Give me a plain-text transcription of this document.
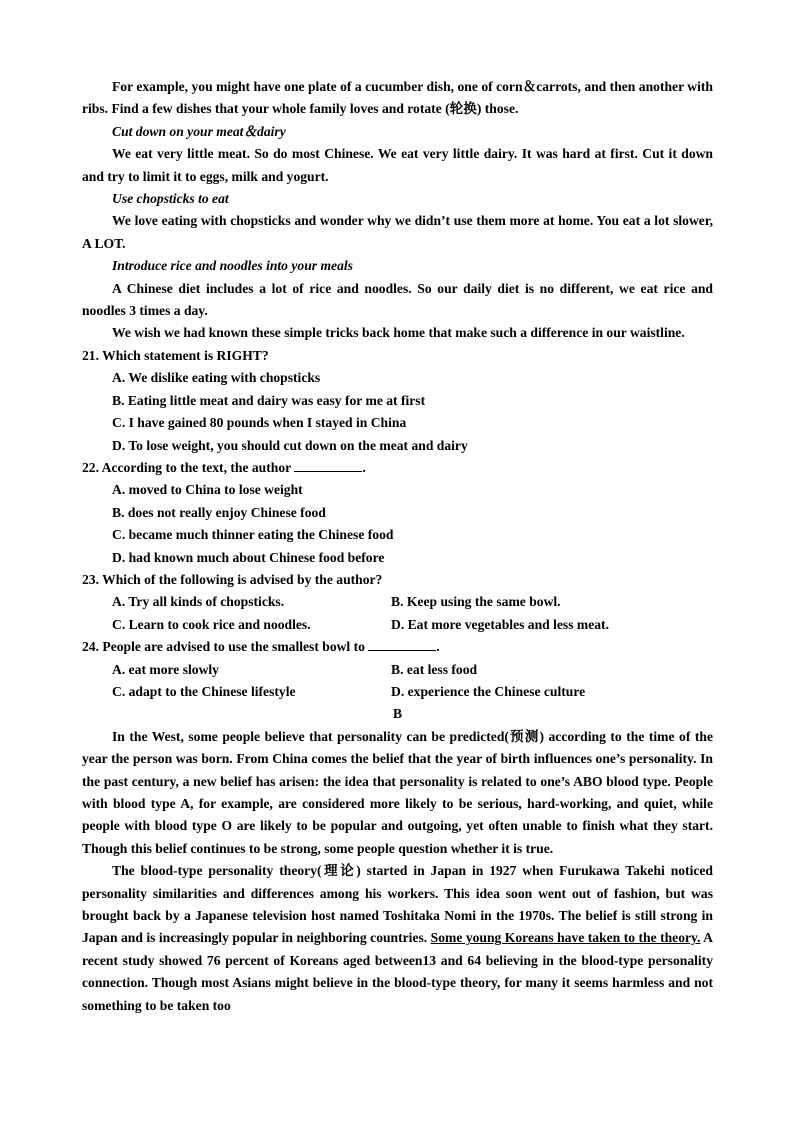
For example, you might have one plate of a cucumber dish, one of corn＆carrots, and then another with ribs. Find a few dishes that your whole family loves and rotate (轮换) those.

Cut down on your meat＆dairy

We eat very little meat. So do most Chinese. We eat very little dairy. It was hard at first. Cut it down and try to limit it to eggs, milk and yogurt.

Use chopsticks to eat

We love eating with chopsticks and wonder why we didn’t use them more at home. You eat a lot slower, A LOT.

Introduce rice and noodles into your meals

A Chinese diet includes a lot of rice and noodles. So our daily diet is no different, we eat rice and noodles 3 times a day.

We wish we had known these simple tricks back home that make such a difference in our waistline.

21. Which statement is RIGHT?

A. We dislike eating with chopsticks

B. Eating little meat and dairy was easy for me at first

C. I have gained 80 pounds when I stayed in China

D. To lose weight, you should cut down on the meat and dairy

22. According to the text, the author	.

A. moved to China to lose weight

B. does not really enjoy Chinese food

C. became much thinner eating the Chinese food

D. had known much about Chinese food before

23. Which of the following is advised by the author?

A. Try all kinds of chopsticks.	B. Keep using the same bowl.
C. Learn to cook rice and noodles.	D. Eat more vegetables and less meat.

24. People are advised to use the smallest bowl to	.

A. eat more slowly	B. eat less food
C. adapt to the Chinese lifestyle	D. experience the Chinese culture

B

In the West, some people believe that personality can be predicted(预测) according to the time of the year the person was born. From China comes the belief that the year of birth influences one’s personality. In the past century, a new belief has arisen: the idea that personality is related to one’s ABO blood type. People with blood type A, for example, are considered more likely to be serious, hard-working, and quiet, while people with blood type O are likely to be popular and outgoing, yet often unable to finish what they start. Though this belief continues to be strong, some people question whether it is true.

The blood-type personality theory(理论) started in Japan in 1927 when Furukawa Takehi noticed personality similarities and differences among his workers. This idea soon went out of fashion, but was brought back by a Japanese television host named Toshitaka Nomi in the 1970s. The belief is still strong in Japan and is increasingly popular in neighboring countries. Some young Koreans have taken to the theory. A recent study showed 76 percent of Koreans aged between13 and 64 believing in the blood-type personality connection. Though most Asians might believe in the blood-type theory, for many it seems harmless and not something to be taken too
